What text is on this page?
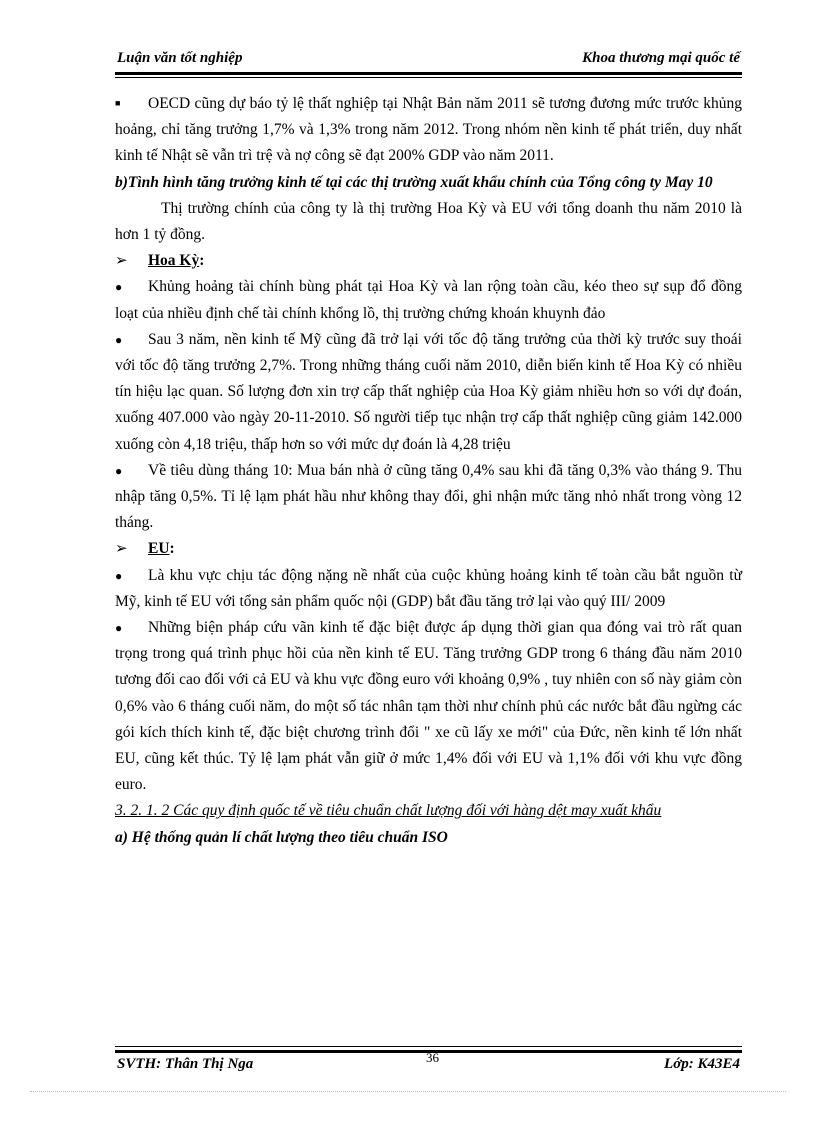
Luận văn tốt nghiệp	Khoa thương mại quốc tế

■ OECD cũng dự báo tỷ lệ thất nghiệp tại Nhật Bản năm 2011 sẽ tương đương mức trước khủng hoảng, chỉ tăng trưởng 1,7% và 1,3% trong năm 2012. Trong nhóm nền kinh tế phát triển, duy nhất kinh tế Nhật sẽ vẫn trì trệ và nợ công sẽ đạt 200% GDP vào năm 2011.

b)Tình hình tăng trưởng kinh tế tại các thị trường xuất khẩu chính của Tổng công ty May 10

Thị trường chính của công ty là thị trường Hoa Kỳ và EU với tổng doanh thu năm 2010 là hơn 1 tỷ đồng.

➢ Hoa Kỳ:

● Khủng hoảng tài chính bùng phát tại Hoa Kỳ và lan rộng toàn cầu, kéo theo sự sụp đổ đồng loạt của nhiều định chế tài chính khổng lồ, thị trường chứng khoán khuynh đảo

● Sau 3 năm, nền kinh tế Mỹ cũng đã trở lại với tốc độ tăng trưởng của thời kỳ trước suy thoái với tốc độ tăng trưởng 2,7%. Trong những tháng cuối năm 2010, diễn biến kinh tế Hoa Kỳ có nhiều tín hiệu lạc quan. Số lượng đơn xin trợ cấp thất nghiệp của Hoa Kỳ giảm nhiều hơn so với dự đoán, xuống 407.000 vào ngày 20-11-2010. Số người tiếp tục nhận trợ cấp thất nghiệp cũng giảm 142.000 xuống còn 4,18 triệu, thấp hơn so với mức dự đoán là 4,28 triệu

● Về tiêu dùng tháng 10: Mua bán nhà ở cũng tăng 0,4% sau khi đã tăng 0,3% vào tháng 9. Thu nhập tăng 0,5%. Tỉ lệ lạm phát hầu như không thay đổi, ghi nhận mức tăng nhỏ nhất trong vòng 12 tháng.

➢ EU:

● Là khu vực chịu tác động nặng nề nhất của cuộc khủng hoảng kinh tế toàn cầu bắt nguồn từ Mỹ, kinh tế EU với tổng sản phẩm quốc nội (GDP) bắt đầu tăng trở lại vào quý III/ 2009

● Những biện pháp cứu vãn kinh tế đặc biệt được áp dụng thời gian qua đóng vai trò rất quan trọng trong quá trình phục hồi của nền kinh tế EU. Tăng trưởng GDP trong 6 tháng đầu năm 2010 tương đối cao đối với cả EU và khu vực đồng euro với khoảng 0,9% , tuy nhiên con số này giảm còn 0,6% vào 6 tháng cuối năm, do một số tác nhân tạm thời như chính phủ các nước bắt đầu ngừng các gói kích thích kinh tế, đặc biệt chương trình đổi " xe cũ lấy xe mới" của Đức, nền kinh tế lớn nhất EU, cũng kết thúc. Tỷ lệ lạm phát vẫn giữ ở mức 1,4% đối với EU và 1,1% đối với khu vực đồng euro.

3. 2. 1. 2 Các quy định quốc tế về tiêu chuẩn chất lượng đối với hàng dệt may xuất khẩu

a) Hệ thống quản lí chất lượng theo tiêu chuẩn ISO

36
SVTH: Thân Thị Nga	Lớp: K43E4
